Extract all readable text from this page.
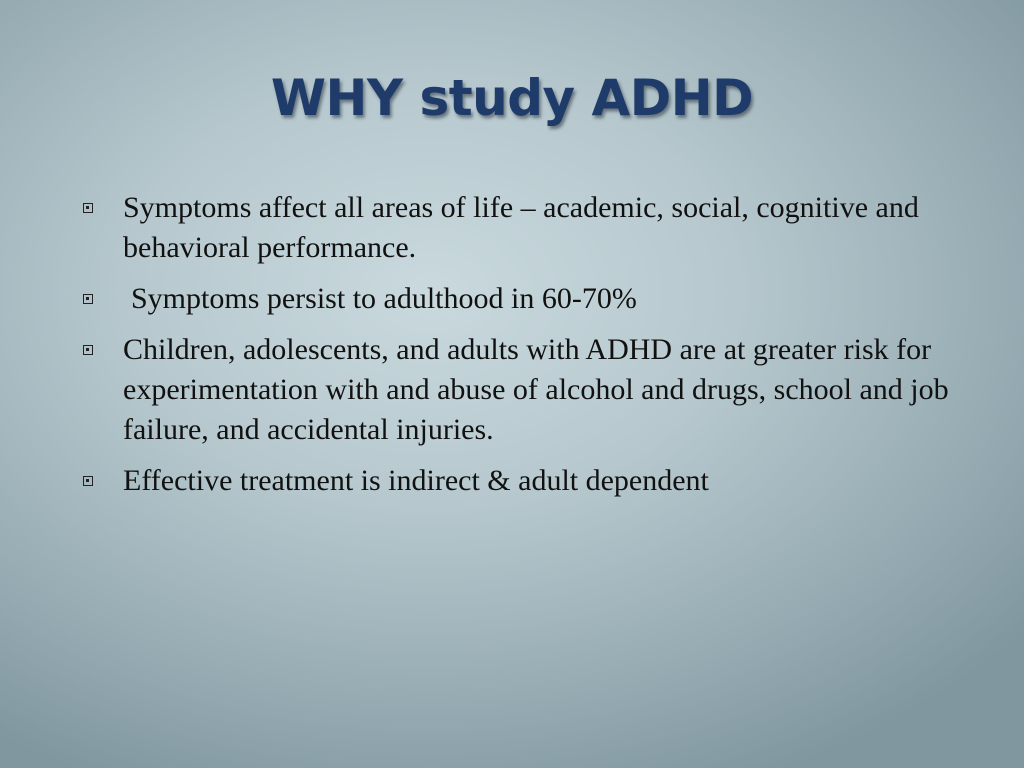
WHY study ADHD
Symptoms affect all areas of life – academic, social, cognitive and behavioral performance.
Symptoms persist to adulthood in 60-70%
Children, adolescents, and adults with ADHD are at greater risk for experimentation with and abuse of alcohol and drugs, school and job failure, and accidental injuries.
Effective treatment is indirect & adult dependent
